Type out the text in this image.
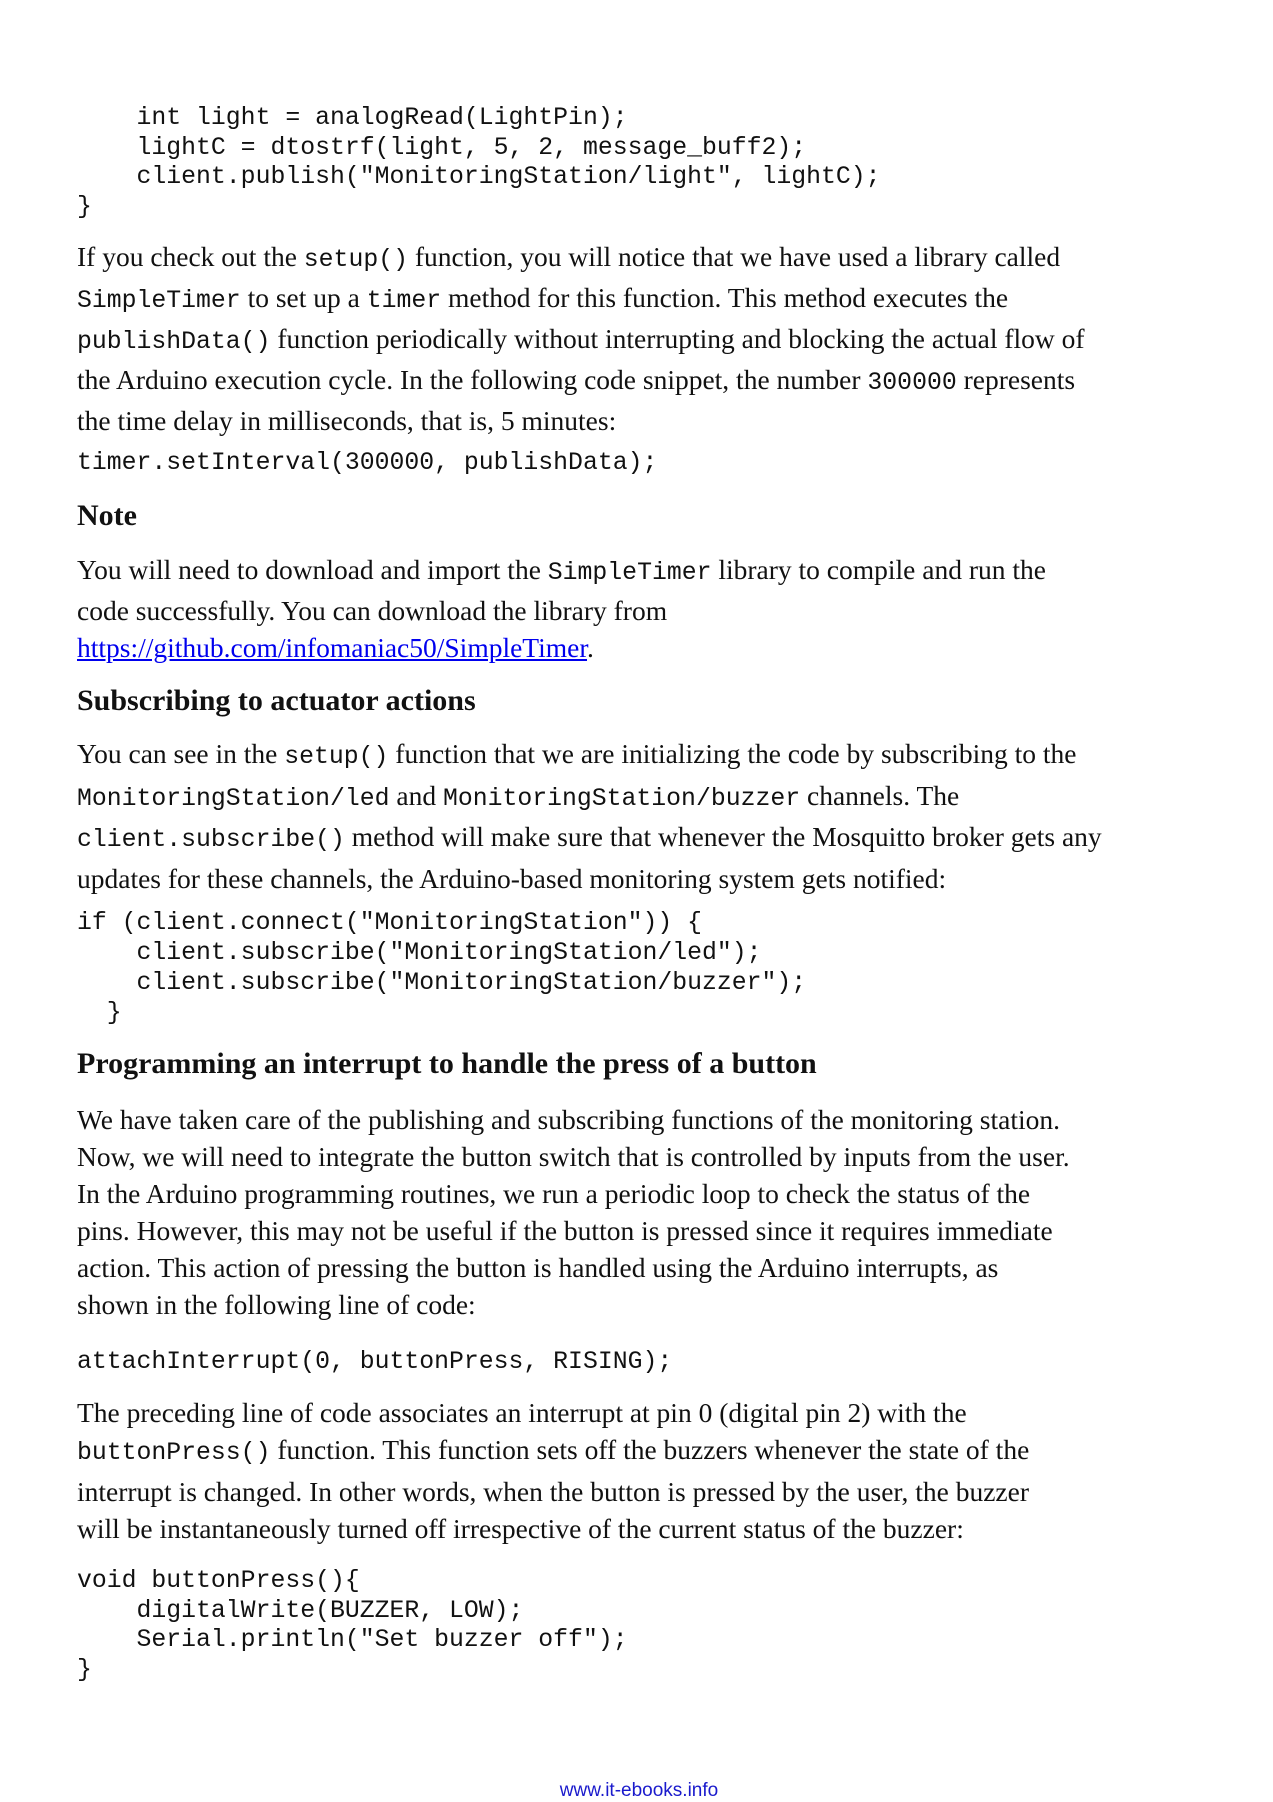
int light = analogRead(LightPin);
lightC = dtostrf(light, 5, 2, message_buff2);
client.publish("MonitoringStation/light", lightC);
}
If you check out the setup() function, you will notice that we have used a library called
SimpleTimer to set up a timer method for this function. This method executes the
publishData() function periodically without interrupting and blocking the actual flow of
the Arduino execution cycle. In the following code snippet, the number 300000 represents
the time delay in milliseconds, that is, 5 minutes:
timer.setInterval(300000, publishData);
Note
You will need to download and import the SimpleTimer library to compile and run the
code successfully. You can download the library from
https://github.com/infomaniac50/SimpleTimer.
Subscribing to actuator actions
You can see in the setup() function that we are initializing the code by subscribing to the
MonitoringStation/led and MonitoringStation/buzzer channels. The
client.subscribe() method will make sure that whenever the Mosquitto broker gets any
updates for these channels, the Arduino-based monitoring system gets notified:
if (client.connect("MonitoringStation")) {
client.subscribe("MonitoringStation/led");
client.subscribe("MonitoringStation/buzzer");
}
Programming an interrupt to handle the press of a button
We have taken care of the publishing and subscribing functions of the monitoring station.
Now, we will need to integrate the button switch that is controlled by inputs from the user.
In the Arduino programming routines, we run a periodic loop to check the status of the
pins. However, this may not be useful if the button is pressed since it requires immediate
action. This action of pressing the button is handled using the Arduino interrupts, as
shown in the following line of code:
attachInterrupt(0, buttonPress, RISING);
The preceding line of code associates an interrupt at pin 0 (digital pin 2) with the
buttonPress() function. This function sets off the buzzers whenever the state of the
interrupt is changed. In other words, when the button is pressed by the user, the buzzer
will be instantaneously turned off irrespective of the current status of the buzzer:
void buttonPress(){
digitalWrite(BUZZER, LOW);
Serial.println("Set buzzer off");
}
www.it-ebooks.info
